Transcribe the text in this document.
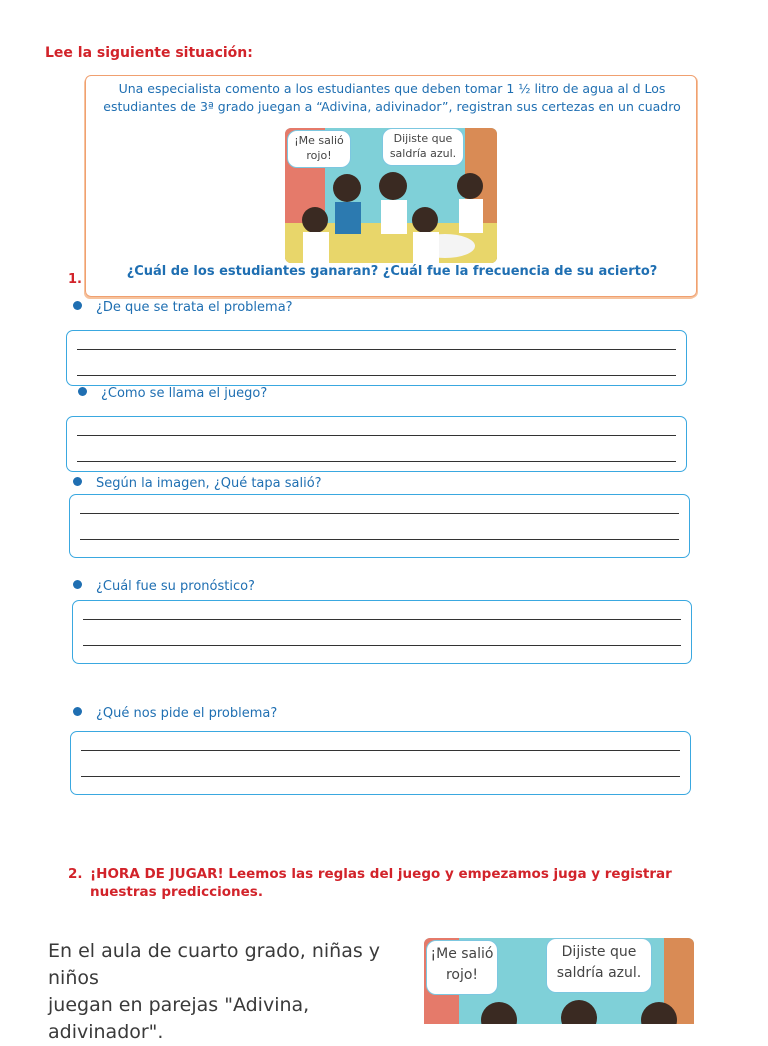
Lee la siguiente situación:
Una especialista comento a los estudiantes que deben tomar 1 ½ litro de agua al d Los
estudiantes de 3ª grado juegan a “Adivina, adivinador”, registran sus certezas en un cuadro
¡Me salió
rojo!
Dijiste que
saldría azul.
1.
¿Cuál de los estudiantes ganaran? ¿Cuál fue la frecuencia de su acierto?
¿De que se trata el problema?
¿Como se llama el juego?
Según la imagen, ¿Qué tapa salió?
¿Cuál fue su pronóstico?
¿Qué nos pide el problema?
2. ¡HORA DE JUGAR! Leemos las reglas del juego y empezamos juga y registrar nuestras predicciones.
En el aula de cuarto grado, niñas y niños
juegan en parejas "Adivina, adivinador".
¡Me salió
rojo!
Dijiste que
saldría azul.
